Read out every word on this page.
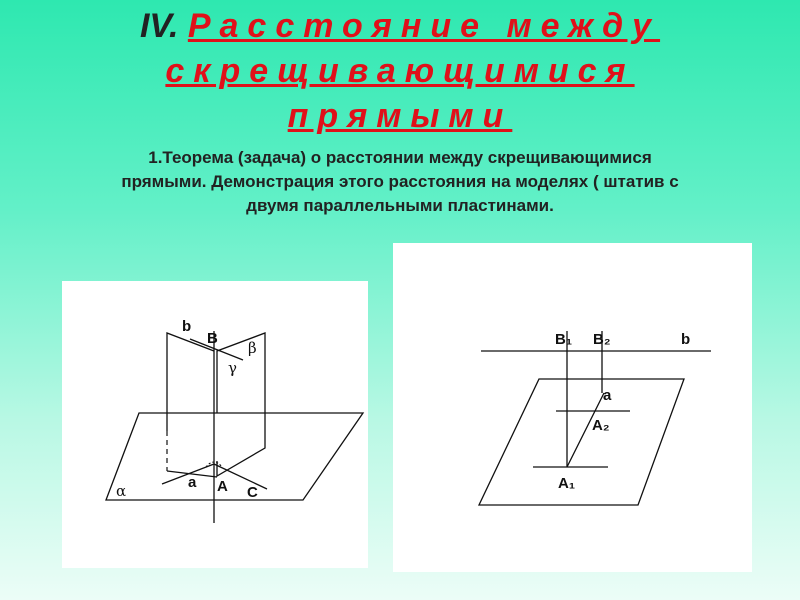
IV. Расстояние между
скрещивающимися
прямыми
1.Теорема (задача) о расстоянии между скрещивающимися
прямыми. Демонстрация этого расстояния на моделях ( штатив с
двумя параллельными пластинами.
b
B
β
γ
α	a A C
B₁ B₂	b
a
A₂
A₁
